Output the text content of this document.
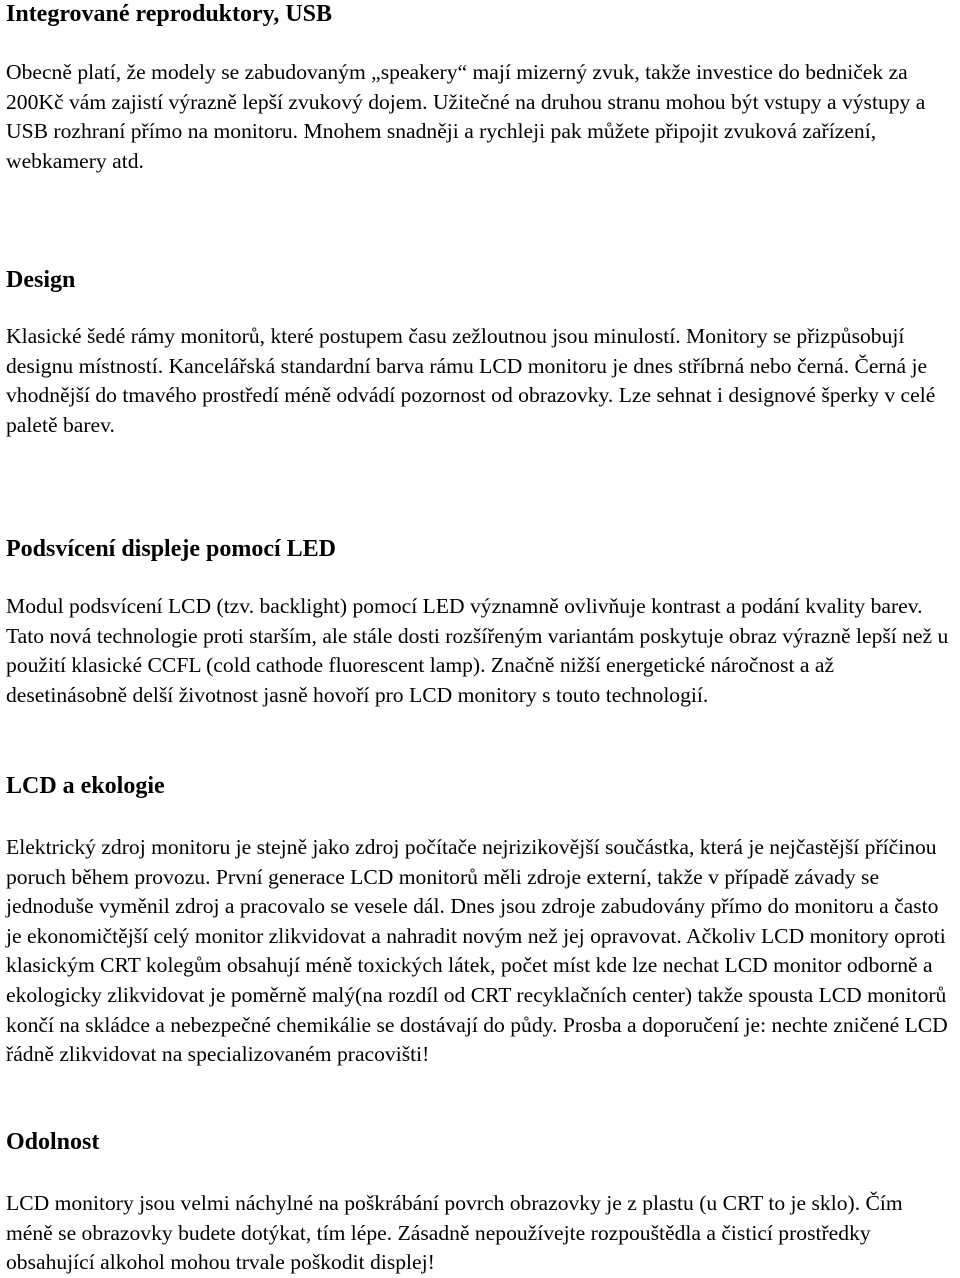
Integrované reproduktory, USB

Obecně platí, že modely se zabudovaným „speakery“ mají mizerný zvuk, takže investice do bedniček za 200Kč vám zajistí výrazně lepší zvukový dojem. Užitečné na druhou stranu mohou být vstupy a výstupy a USB rozhraní přímo na monitoru. Mnohem snadněji a rychleji pak můžete připojit zvuková zařízení, webkamery atd.

Design

Klasické šedé rámy monitorů, které postupem času zežloutnou jsou minulostí. Monitory se přizpůsobují designu místností. Kancelářská standardní barva rámu LCD monitoru je dnes stříbrná nebo černá. Černá je vhodnější do tmavého prostředí méně odvádí pozornost od obrazovky. Lze sehnat i designové šperky v celé paletě barev.

Podsvícení displeje pomocí LED

Modul podsvícení LCD (tzv. backlight) pomocí LED významně ovlivňuje kontrast a podání kvality barev. Tato nová technologie proti starším, ale stále dosti rozšířeným variantám poskytuje obraz výrazně lepší než u použití klasické CCFL (cold cathode fluorescent lamp). Značně nižší energetické náročnost a až desetinásobně delší životnost jasně hovoří pro LCD monitory s touto technologií.

LCD a ekologie

Elektrický zdroj monitoru je stejně jako zdroj počítače nejrizikovější součástka, která je nejčastější příčinou poruch během provozu. První generace LCD monitorů měli zdroje externí, takže v případě závady se jednoduše vyměnil zdroj a pracovalo se vesele dál. Dnes jsou zdroje zabudovány přímo do monitoru a často je ekonomičtější celý monitor zlikvidovat a nahradit novým než jej opravovat. Ačkoliv LCD monitory oproti klasickým CRT kolegům obsahují méně toxických látek, počet míst kde lze nechat LCD monitor odborně a ekologicky zlikvidovat je poměrně malý(na rozdíl od CRT recyklačních center) takže spousta LCD monitorů končí na skládce a nebezpečné chemikálie se dostávají do půdy. Prosba a doporučení je: nechte zničené LCD řádně zlikvidovat na specializovaném pracovišti!

Odolnost

LCD monitory jsou velmi náchylné na poškrábání povrch obrazovky je z plastu (u CRT to je sklo). Čím méně se obrazovky budete dotýkat, tím lépe. Zásadně nepoužívejte rozpouštědla a čisticí prostředky obsahující alkohol mohou trvale poškodit displej!
